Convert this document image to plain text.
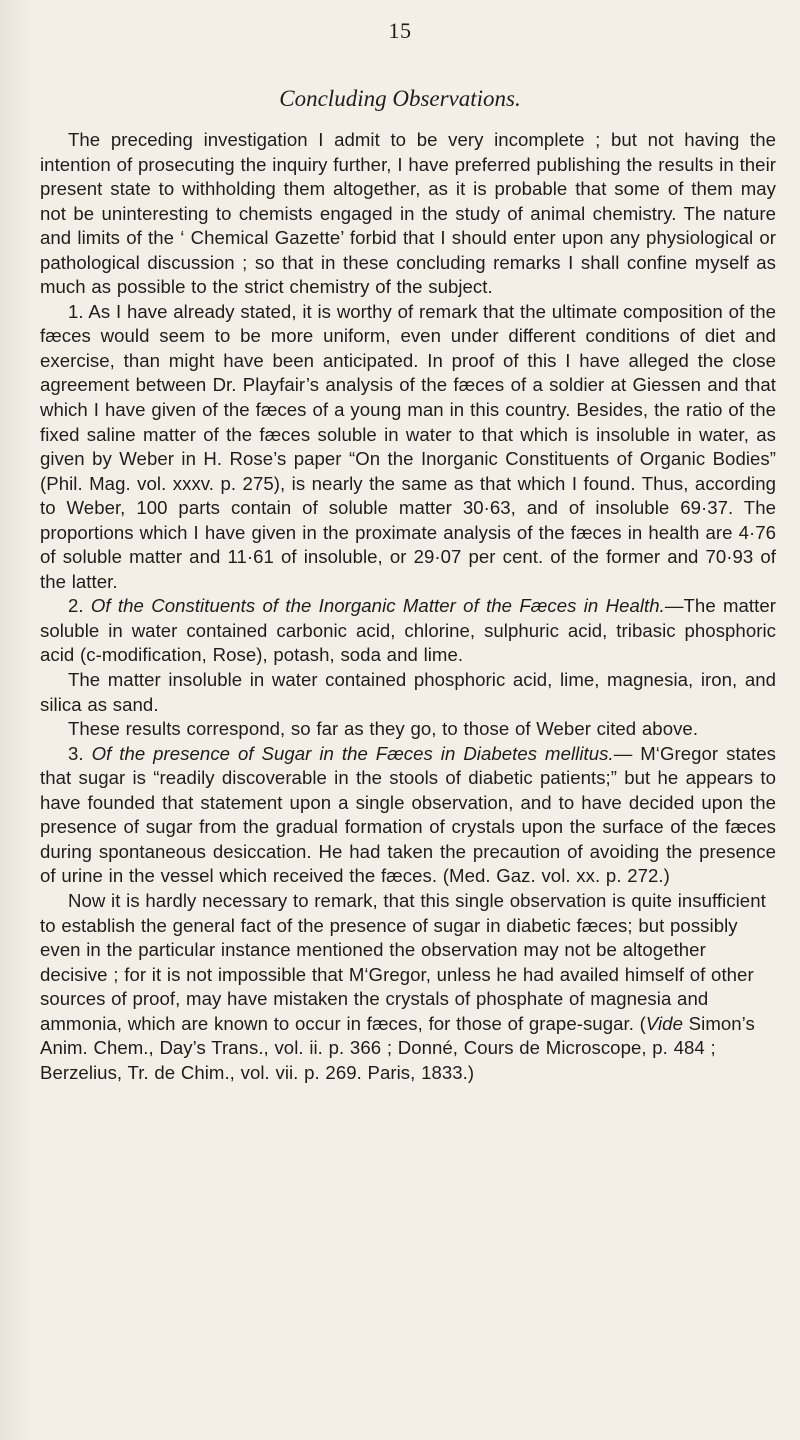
15
Concluding Observations.

The preceding investigation I admit to be very incomplete ; but not having the intention of prosecuting the inquiry further, I have preferred publishing the results in their present state to withholding them altogether, as it is probable that some of them may not be uninteresting to chemists engaged in the study of animal chemistry. The nature and limits of the ‘ Chemical Gazette’ forbid that I should enter upon any physiological or pathological discussion ; so that in these concluding remarks I shall confine myself as much as possible to the strict chemistry of the subject.

1. As I have already stated, it is worthy of remark that the ultimate composition of the fæces would seem to be more uniform, even under different conditions of diet and exercise, than might have been anticipated. In proof of this I have alleged the close agreement between Dr. Playfair’s analysis of the fæces of a soldier at Giessen and that which I have given of the fæces of a young man in this country. Besides, the ratio of the fixed saline matter of the fæces soluble in water to that which is insoluble in water, as given by Weber in H. Rose’s paper “On the Inorganic Constituents of Organic Bodies” (Phil. Mag. vol. xxxv. p. 275), is nearly the same as that which I found. Thus, according to Weber, 100 parts contain of soluble matter 30·63, and of insoluble 69·37. The proportions which I have given in the proximate analysis of the fæces in health are 4·76 of soluble matter and 11·61 of insoluble, or 29·07 per cent. of the former and 70·93 of the latter.

2. Of the Constituents of the Inorganic Matter of the Fæces in Health.—The matter soluble in water contained carbonic acid, chlorine, sulphuric acid, tribasic phosphoric acid (c-modification, Rose), potash, soda and lime.

The matter insoluble in water contained phosphoric acid, lime, magnesia, iron, and silica as sand.

These results correspond, so far as they go, to those of Weber cited above.

3. Of the presence of Sugar in the Fæces in Diabetes mellitus.— M‘Gregor states that sugar is “readily discoverable in the stools of diabetic patients;” but he appears to have founded that statement upon a single observation, and to have decided upon the presence of sugar from the gradual formation of crystals upon the surface of the fæces during spontaneous desiccation. He had taken the precaution of avoiding the presence of urine in the vessel which received the fæces. (Med. Gaz. vol. xx. p. 272.)

Now it is hardly necessary to remark, that this single observation is quite insufficient to establish the general fact of the presence of sugar in diabetic fæces; but possibly even in the particular instance mentioned the observation may not be altogether decisive ; for it is not impossible that M‘Gregor, unless he had availed himself of other sources of proof, may have mistaken the crystals of phosphate of magnesia and ammonia, which are known to occur in fæces, for those of grape-sugar. (Vide Simon’s Anim. Chem., Day’s Trans., vol. ii. p. 366 ; Donné, Cours de Microscope, p. 484 ; Berzelius, Tr. de Chim., vol. vii. p. 269. Paris, 1833.)
